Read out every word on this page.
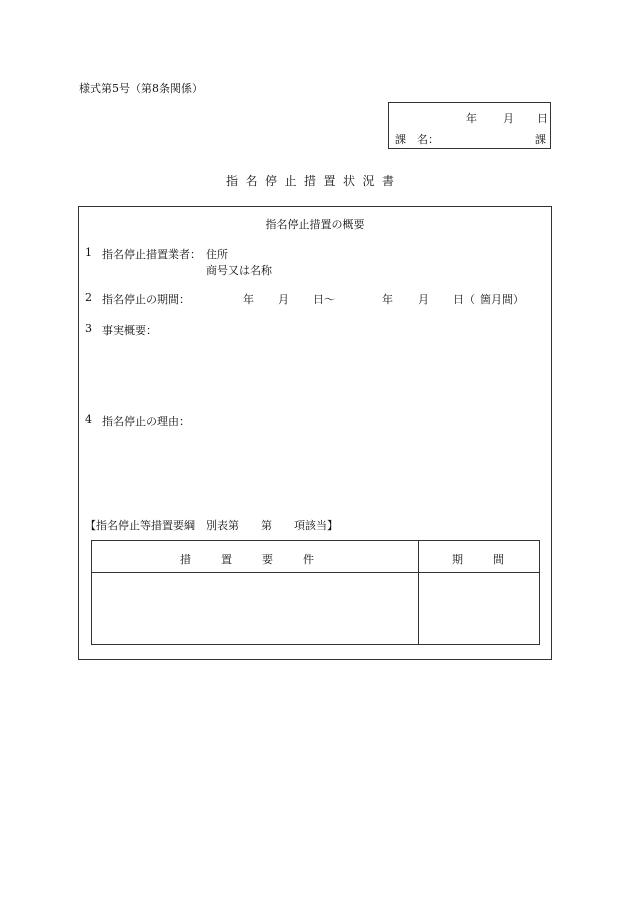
様式第5号（第8条関係）
年 月 日
課　名：	課
指名停止措置状況書
指名停止措置の概要
1 指名停止措置業者： 住所
商号又は名称
2 指名停止の期間：	年 月 日～	年 月 日（ 箇月間）
3 事実概要：
4 指名停止の理由：
【指名停止等措置要綱　別表第　　第　　項該当】
措置要件	期間
